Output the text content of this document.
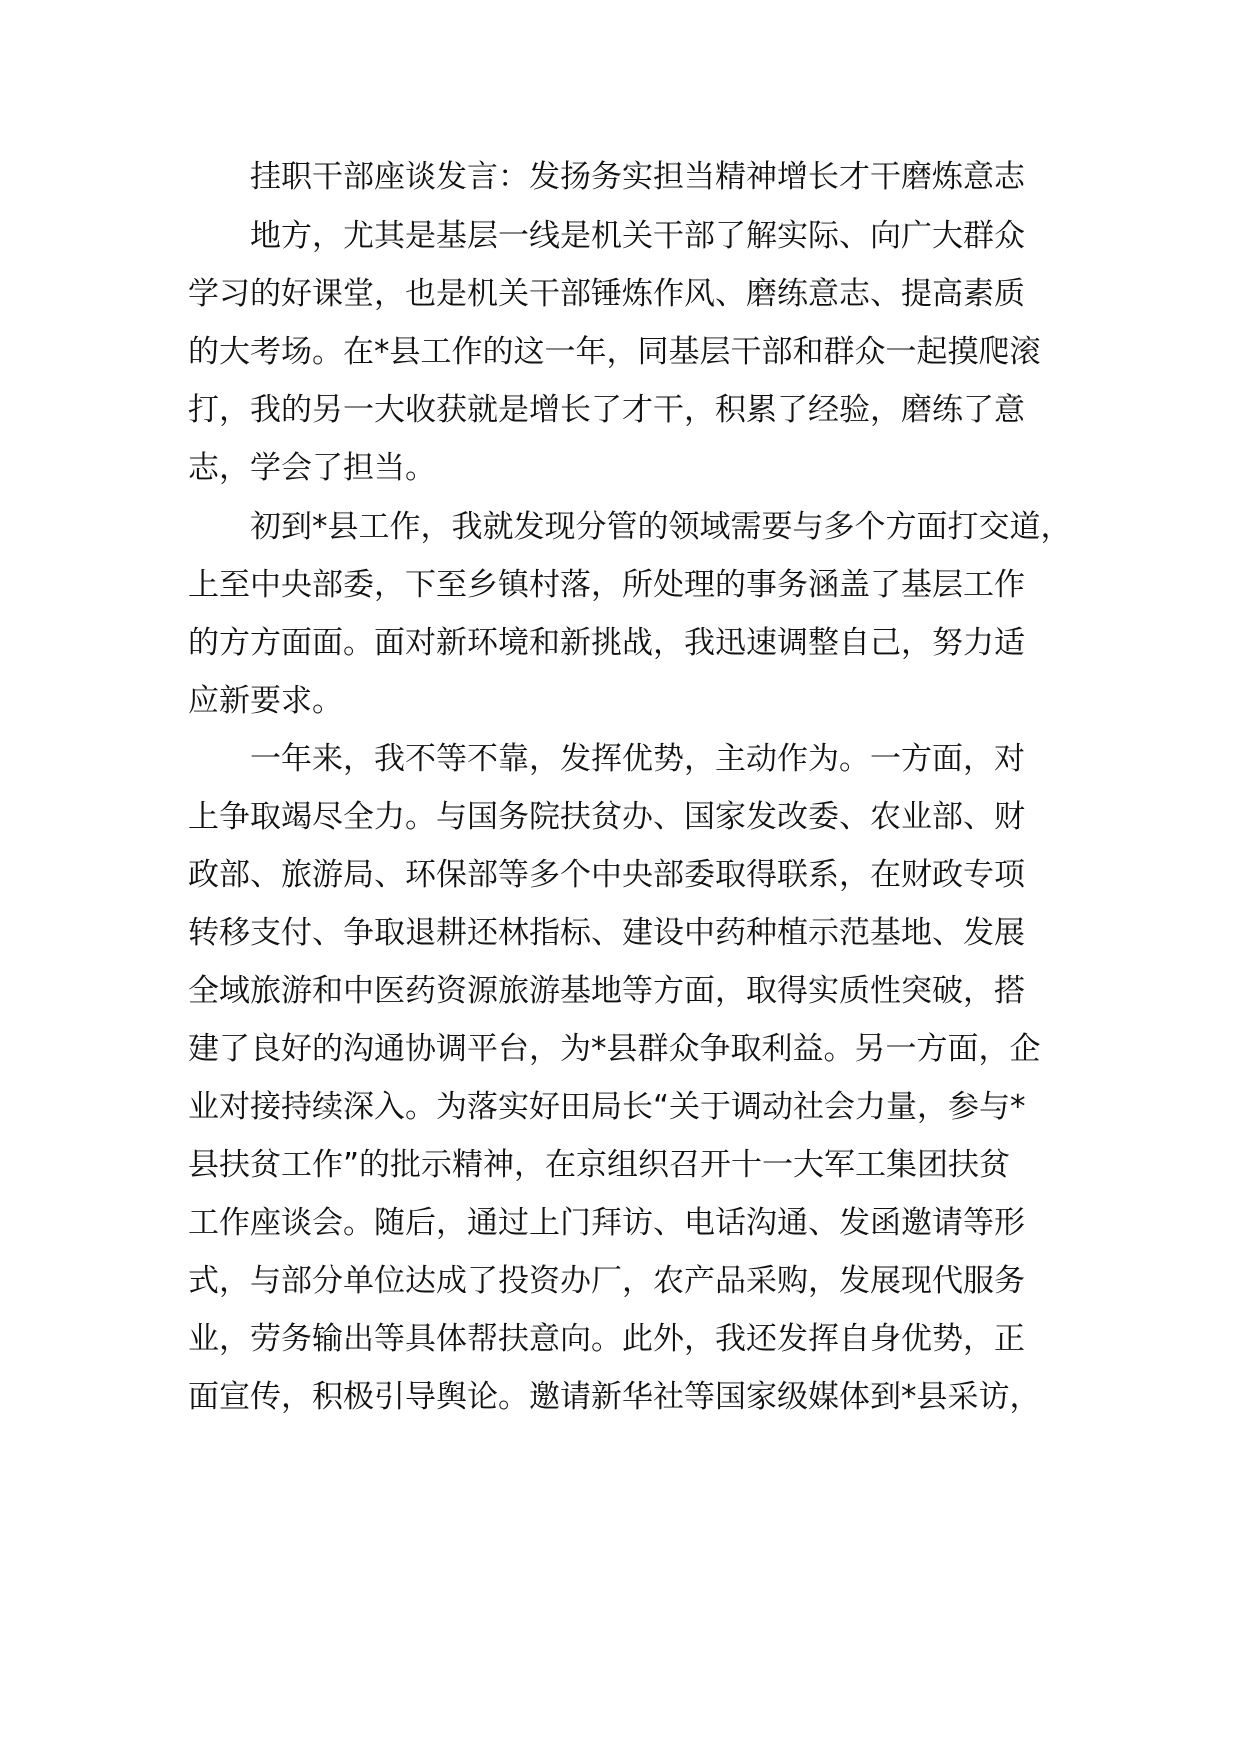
挂职干部座谈发言：发扬务实担当精神增长才干磨炼意志
地方，尤其是基层一线是机关干部了解实际、向广大群众
学习的好课堂，也是机关干部锤炼作风、磨练意志、提高素质
的大考场。在*县工作的这一年，同基层干部和群众一起摸爬滚
打，我的另一大收获就是增长了才干，积累了经验，磨练了意
志，学会了担当。
初到*县工作，我就发现分管的领域需要与多个方面打交道，
上至中央部委，下至乡镇村落，所处理的事务涵盖了基层工作
的方方面面。面对新环境和新挑战，我迅速调整自己，努力适
应新要求。
一年来，我不等不靠，发挥优势，主动作为。一方面，对
上争取竭尽全力。与国务院扶贫办、国家发改委、农业部、财
政部、旅游局、环保部等多个中央部委取得联系，在财政专项
转移支付、争取退耕还林指标、建设中药种植示范基地、发展
全域旅游和中医药资源旅游基地等方面，取得实质性突破，搭
建了良好的沟通协调平台，为*县群众争取利益。另一方面，企
业对接持续深入。为落实好田局长“关于调动社会力量，参与*
县扶贫工作”的批示精神，在京组织召开十一大军工集团扶贫
工作座谈会。随后，通过上门拜访、电话沟通、发函邀请等形
式，与部分单位达成了投资办厂，农产品采购，发展现代服务
业，劳务输出等具体帮扶意向。此外，我还发挥自身优势，正
面宣传，积极引导舆论。邀请新华社等国家级媒体到*县采访，
